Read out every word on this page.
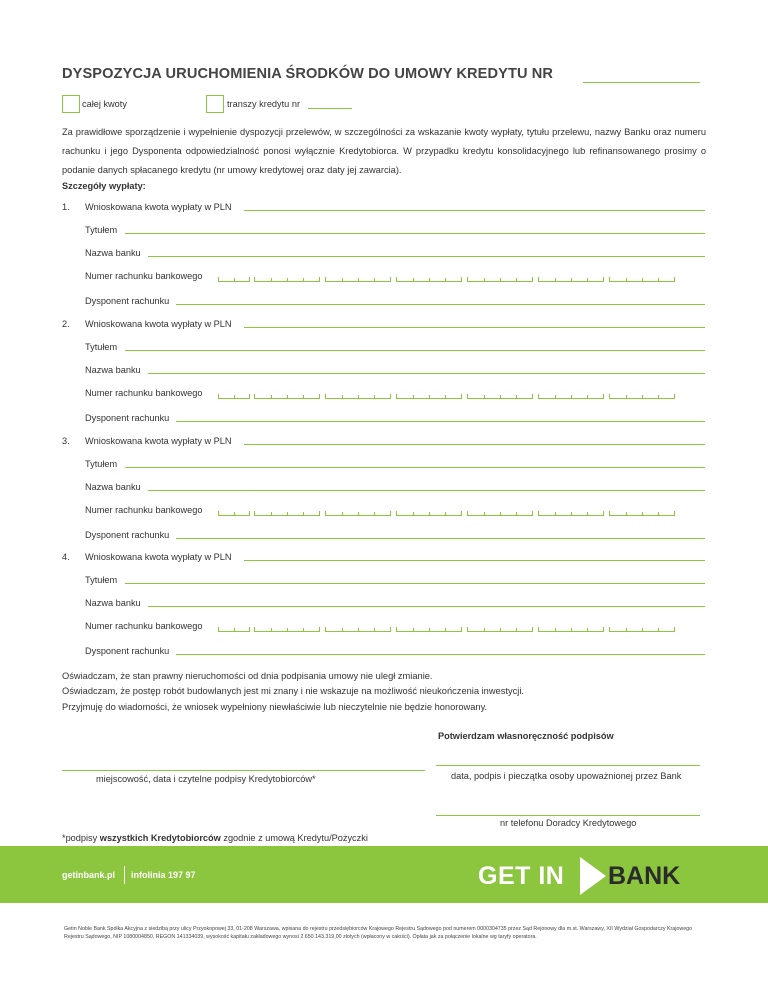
DYSPOZYCJA URUCHOMIENIA ŚRODKÓW DO UMOWY KREDYTU NR
całej kwoty	transzy kredytu nr
Za prawidłowe sporządzenie i wypełnienie dyspozycji przelewów, w szczególności za wskazanie kwoty wypłaty, tytułu przelewu, nazwy Banku oraz numeru rachunku i jego Dysponenta odpowiedzialność ponosi wyłącznie Kredytobiorca. W przypadku kredytu konsolidacyjnego lub refinansowanego prosimy o podanie danych spłacanego kredytu (nr umowy kredytowej oraz daty jej zawarcia).
Szczegóły wypłaty:
1. Wnioskowana kwota wypłaty w PLN
Tytułem
Nazwa banku
Numer rachunku bankowego
Dysponent rachunku
2. Wnioskowana kwota wypłaty w PLN
Tytułem
Nazwa banku
Numer rachunku bankowego
Dysponent rachunku
3. Wnioskowana kwota wypłaty w PLN
Tytułem
Nazwa banku
Numer rachunku bankowego
Dysponent rachunku
4. Wnioskowana kwota wypłaty w PLN
Tytułem
Nazwa banku
Numer rachunku bankowego
Dysponent rachunku
Oświadczam, że stan prawny nieruchomości od dnia podpisania umowy nie uległ zmianie.
Oświadczam, że postęp robót budowlanych jest mi znany i nie wskazuje na możliwość nieukończenia inwestycji.
Przyjmuję do wiadomości, że wniosek wypełniony niewłaściwie lub nieczytelnie nie będzie honorowany.
Potwierdzam własnoręczność podpisów
miejscowość, data i czytelne podpisy Kredytobiorców*	data, podpis i pieczątka osoby upoważnionej przez Bank
nr telefonu Doradcy Kredytowego
*podpisy wszystkich Kredytobiorców zgodnie z umową Kredytu/Pożyczki
getinbank.pl infolinia 197 97	GET IN BANK
Getin Noble Bank Spółka Akcyjna z siedzibą przy ulicy Przyokopowej 33, 01-208 Warszawa, wpisana do rejestru przedsiębiorców Krajowego Rejestru Sądowego pod numerem 0000304735 przez Sąd Rejonowy dla m.st. Warszawy, XII Wydział Gospodarczy Krajowego Rejestru Sądowego, NIP 1080004850, REGON 141334039, wysokość kapitału zakładowego wynosi 2.650.143.319,00 złotych (wpłacony w całości). Opłata jak za połączenie lokalne wg taryfy operatora.
